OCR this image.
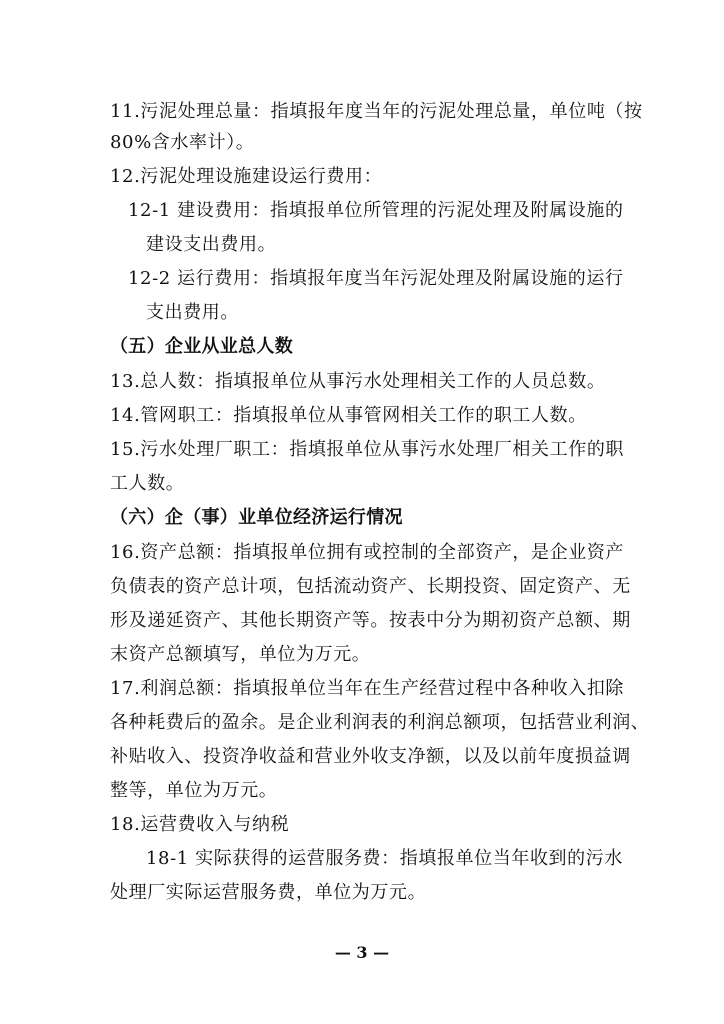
11.污泥处理总量：指填报年度当年的污泥处理总量，单位吨（按
80%含水率计）。
12.污泥处理设施建设运行费用：
12-1 建设费用：指填报单位所管理的污泥处理及附属设施的
建设支出费用。
12-2 运行费用：指填报年度当年污泥处理及附属设施的运行
支出费用。
（五）企业从业总人数
13.总人数：指填报单位从事污水处理相关工作的人员总数。
14.管网职工：指填报单位从事管网相关工作的职工人数。
15.污水处理厂职工：指填报单位从事污水处理厂相关工作的职
工人数。
（六）企（事）业单位经济运行情况
16.资产总额：指填报单位拥有或控制的全部资产，是企业资产
负债表的资产总计项，包括流动资产、长期投资、固定资产、无
形及递延资产、其他长期资产等。按表中分为期初资产总额、期
末资产总额填写，单位为万元。
17.利润总额：指填报单位当年在生产经营过程中各种收入扣除
各种耗费后的盈余。是企业利润表的利润总额项，包括营业利润、
补贴收入、投资净收益和营业外收支净额，以及以前年度损益调
整等，单位为万元。
18.运营费收入与纳税
18-1 实际获得的运营服务费：指填报单位当年收到的污水
处理厂实际运营服务费，单位为万元。
— 3 —
